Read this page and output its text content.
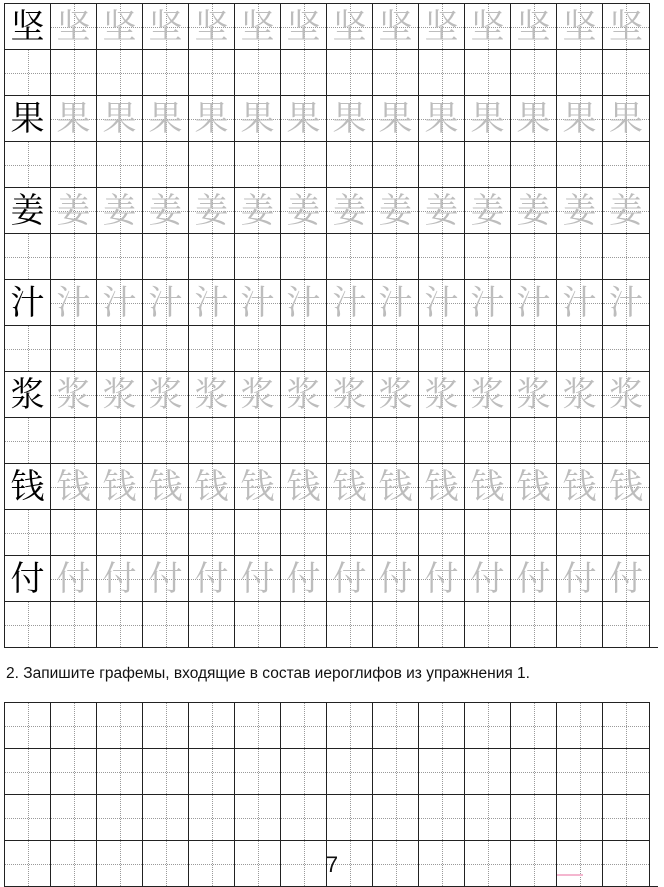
坚 坚 坚 坚 坚 坚 坚 坚 坚 坚 坚 坚 坚 坚
果 果 果 果 果 果 果 果 果 果 果 果 果 果
姜 姜 姜 姜 姜 姜 姜 姜 姜 姜 姜 姜 姜 姜
汁 汁 汁 汁 汁 汁 汁 汁 汁 汁 汁 汁 汁 汁
浆 浆 浆 浆 浆 浆 浆 浆 浆 浆 浆 浆 浆 浆
钱 钱 钱 钱 钱 钱 钱 钱 钱 钱 钱 钱 钱 钱
付 付 付 付 付 付 付 付 付 付 付 付 付 付
2. Запишите графемы, входящие в состав иероглифов из упражнения 1.
7
